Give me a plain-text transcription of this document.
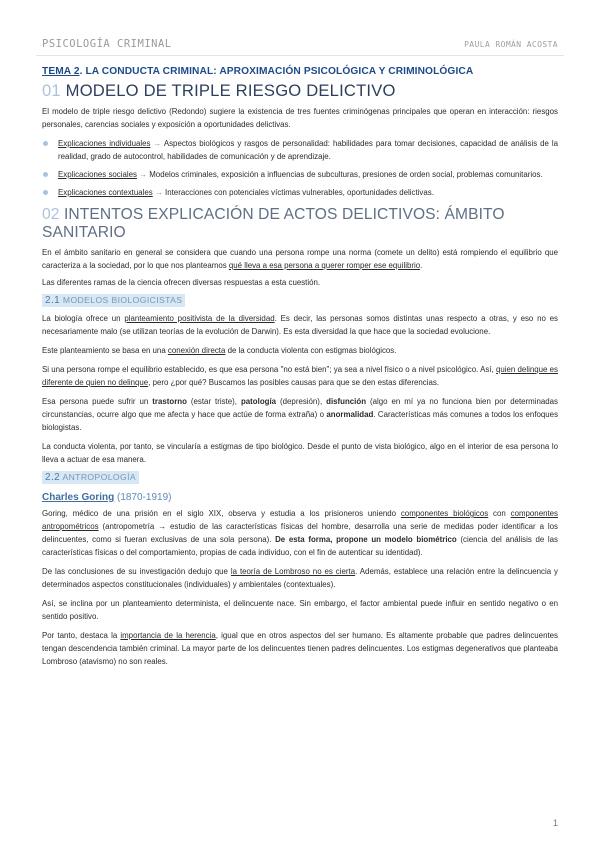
PSICOLOGÍA CRIMINAL	PAULA ROMÁN ACOSTA
TEMA 2. LA CONDUCTA CRIMINAL: APROXIMACIÓN PSICOLÓGICA Y CRIMINOLÓGICA
01 MODELO DE TRIPLE RIESGO DELICTIVO

El modelo de triple riesgo delictivo (Redondo) sugiere la existencia de tres fuentes criminógenas principales que operan en interacción: riesgos personales, carencias sociales y exposición a oportunidades delictivas.

Explicaciones individuales → Aspectos biológicos y rasgos de personalidad: habilidades para tomar decisiones, capacidad de análisis de la realidad, grado de autocontrol, habilidades de comunicación y de aprendizaje.

Explicaciones sociales → Modelos criminales, exposición a influencias de subculturas, presiones de orden social, problemas comunitarios.

Explicaciones contextuales → Interacciones con potenciales víctimas vulnerables, oportunidades delictivas.

02 INTENTOS EXPLICACIÓN DE ACTOS DELICTIVOS: ÁMBITO SANITARIO

En el ámbito sanitario en general se considera que cuando una persona rompe una norma (comete un delito) está rompiendo el equilibrio que caracteriza a la sociedad, por lo que nos planteamos qué lleva a esa persona a querer romper ese equilibrio.

Las diferentes ramas de la ciencia ofrecen diversas respuestas a esta cuestión.

2.1 MODELOS BIOLOGICISTAS

La biología ofrece un planteamiento positivista de la diversidad. Es decir, las personas somos distintas unas respecto a otras, y eso no es necesariamente malo (se utilizan teorías de la evolución de Darwin). Es esta diversidad la que hace que la sociedad evolucione.

Este planteamiento se basa en una conexión directa de la conducta violenta con estigmas biológicos.

Si una persona rompe el equilibrio establecido, es que esa persona "no está bien"; ya sea a nivel físico o a nivel psicológico. Así, quien delinque es diferente de quien no delinque, pero ¿por qué? Buscamos las posibles causas para que se den estas diferencias.

Esa persona puede sufrir un trastorno (estar triste), patología (depresión), disfunción (algo en mí ya no funciona bien por determinadas circunstancias, ocurre algo que me afecta y hace que actúe de forma extraña) o anormalidad. Características más comunes a todos los enfoques biologistas.

La conducta violenta, por tanto, se vincularía a estigmas de tipo biológico. Desde el punto de vista biológico, algo en el interior de esa persona lo lleva a actuar de esa manera.

2.2 ANTROPOLOGÍA
Charles Goring (1870-1919)

Goring, médico de una prisión en el siglo XIX, observa y estudia a los prisioneros uniendo componentes biológicos con componentes antropométricos (antropometría → estudio de las características físicas del hombre, desarrolla una serie de medidas poder identificar a los delincuentes, como si fueran exclusivas de una sola persona). De esta forma, propone un modelo biométrico (ciencia del análisis de las características físicas o del comportamiento, propias de cada individuo, con el fin de autenticar su identidad).

De las conclusiones de su investigación dedujo que la teoría de Lombroso no es cierta. Además, establece una relación entre la delincuencia y determinados aspectos constitucionales (individuales) y ambientales (contextuales).

Así, se inclina por un planteamiento determinista, el delincuente nace. Sin embargo, el factor ambiental puede influir en sentido negativo o en sentido positivo.

Por tanto, destaca la importancia de la herencia, igual que en otros aspectos del ser humano. Es altamente probable que padres delincuentes tengan descendencia también criminal. La mayor parte de los delincuentes tienen padres delincuentes. Los estigmas degenerativos que planteaba Lombroso (atavismo) no son reales.

1
